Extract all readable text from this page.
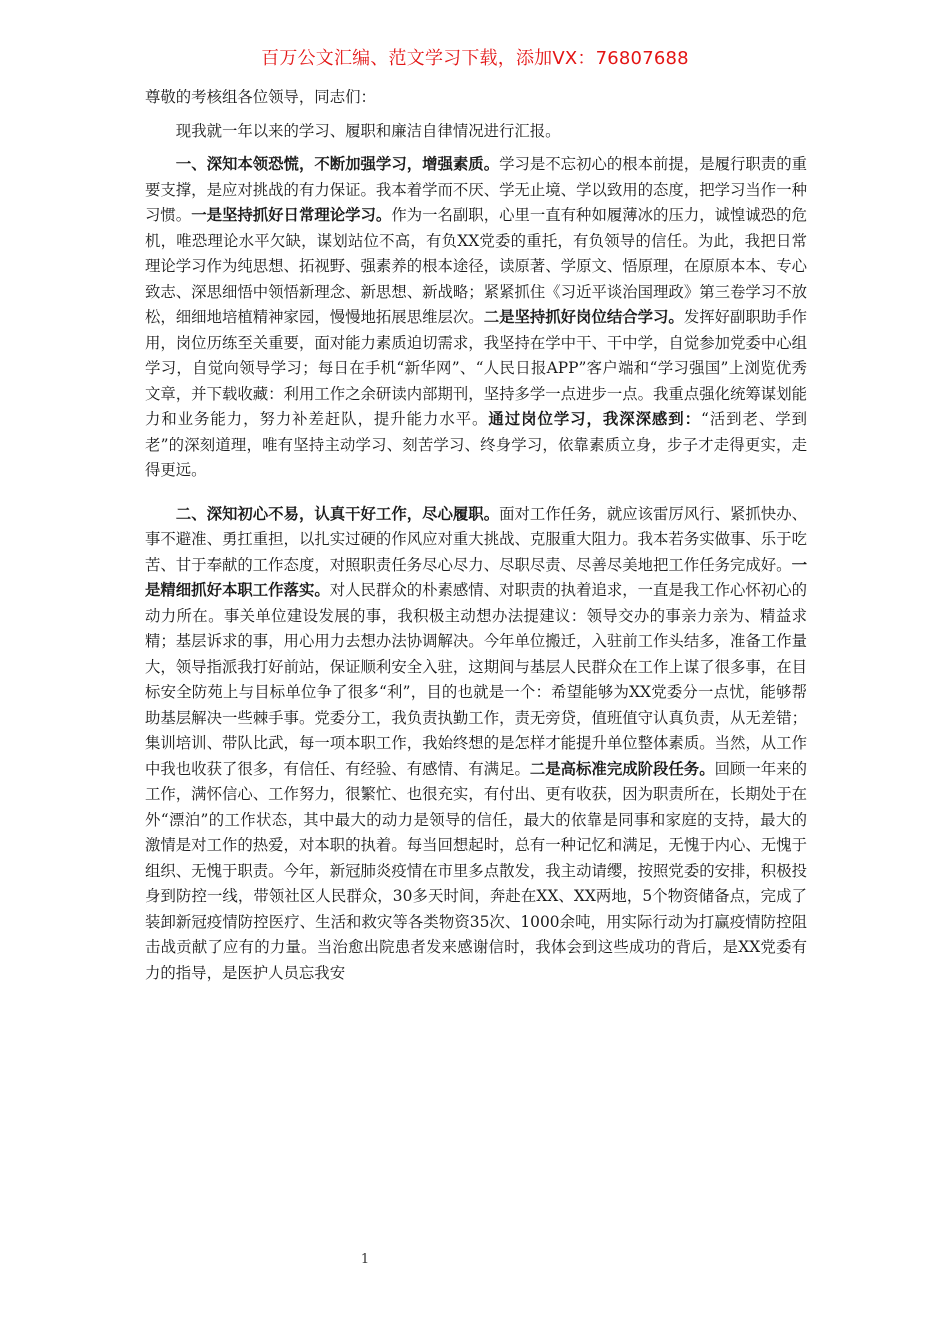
百万公文汇编、范文学习下载，添加VX：76807688

尊敬的考核组各位领导，同志们：

现我就一年以来的学习、履职和廉洁自律情况进行汇报。

一、深知本领恐慌，不断加强学习，增强素质。学习是不忘初心的根本前提，是履行职责的重要支撑，是应对挑战的有力保证。我本着学而不厌、学无止境、学以致用的态度，把学习当作一种习惯。一是坚持抓好日常理论学习。作为一名副职，心里一直有种如履薄冰的压力，诚惶诚恐的危机，唯恐理论水平欠缺，谋划站位不高，有负XX党委的重托，有负领导的信任。为此，我把日常理论学习作为纯思想、拓视野、强素养的根本途径，读原著、学原文、悟原理，在原原本本、专心致志、深思细悟中领悟新理念、新思想、新战略；紧紧抓住《习近平谈治国理政》第三卷学习不放松，细细地培植精神家园，慢慢地拓展思维层次。二是坚持抓好岗位结合学习。发挥好副职助手作用，岗位历练至关重要，面对能力素质迫切需求，我坚持在学中干、干中学，自觉参加党委中心组学习，自觉向领导学习；每日在手机“新华网”、“人民日报APP”客户端和“学习强国”上浏览优秀文章，并下载收藏：利用工作之余研读内部期刊，坚持多学一点进步一点。我重点强化统筹谋划能力和业务能力，努力补差赶队，提升能力水平。通过岗位学习，我深深感到：“活到老、学到老”的深刻道理，唯有坚持主动学习、刻苦学习、终身学习，依靠素质立身，步子才走得更实，走得更远。

二、深知初心不易，认真干好工作，尽心履职。面对工作任务，就应该雷厉风行、紧抓快办、事不避准、勇扛重担，以扎实过硬的作风应对重大挑战、克服重大阻力。我本若务实做事、乐于吃苦、甘于奉献的工作态度，对照职责任务尽心尽力、尽职尽责、尽善尽美地把工作任务完成好。一是精细抓好本职工作落实。对人民群众的朴素感情、对职责的执着追求，一直是我工作心怀初心的动力所在。事关单位建设发展的事，我积极主动想办法提建议：领导交办的事亲力亲为、精益求精；基层诉求的事，用心用力去想办法协调解决。今年单位搬迁，入驻前工作头结多，准备工作量大，领导指派我打好前站，保证顺利安全入驻，这期间与基层人民群众在工作上谋了很多事，在目标安全防苑上与目标单位争了很多“利”，目的也就是一个：希望能够为XX党委分一点忧，能够帮助基层解决一些棘手事。党委分工，我负责执勤工作，责无旁贷，值班值守认真负责，从无差错；集训培训、带队比武，每一项本职工作，我始终想的是怎样才能提升单位整体素质。当然，从工作中我也收获了很多，有信任、有经验、有感情、有满足。二是高标准完成阶段任务。回顾一年来的工作，满怀信心、工作努力，很繁忙、也很充实，有付出、更有收获，因为职责所在，长期处于在外“漂泊”的工作状态，其中最大的动力是领导的信任，最大的依靠是同事和家庭的支持，最大的激情是对工作的热爱，对本职的执着。每当回想起时，总有一种记忆和满足，无愧于内心、无愧于组织、无愧于职责。今年，新冠肺炎疫情在市里多点散发，我主动请缨，按照党委的安排，积极投身到防控一线，带领社区人民群众，30多天时间，奔赴在XX、XX两地，5个物资储备点，完成了装卸新冠疫情防控医疗、生活和救灾等各类物资35次、1000余吨，用实际行动为打赢疫情防控阻击战贡献了应有的力量。当治愈出院患者发来感谢信时，我体会到这些成功的背后，是XX党委有力的指导，是医护人员忘我安

1
